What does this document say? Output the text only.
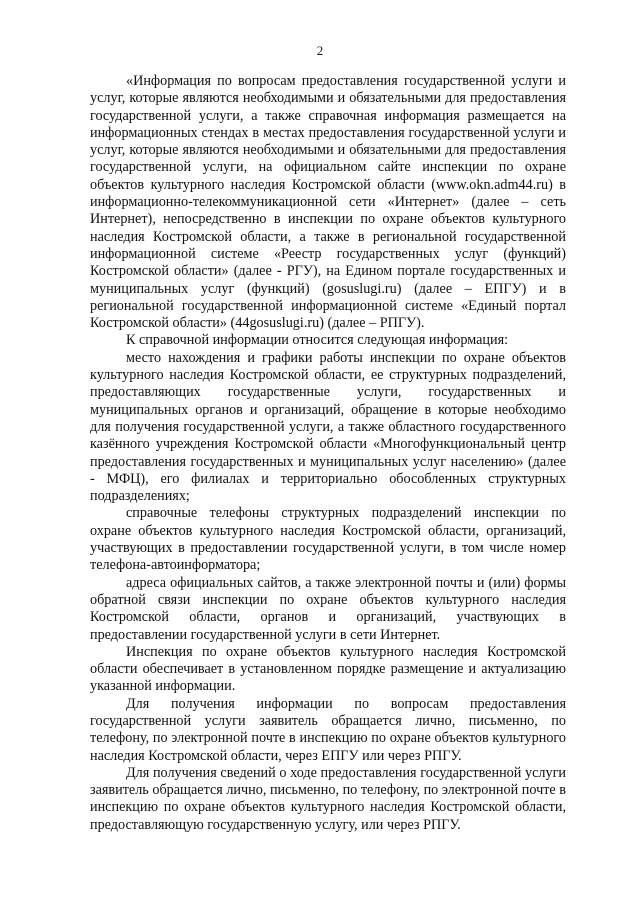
2

«Информация по вопросам предоставления государственной услуги и услуг, которые являются необходимыми и обязательными для предоставления государственной услуги, а также справочная информация размещается на информационных стендах в местах предоставления государственной услуги и услуг, которые являются необходимыми и обязательными для предоставления государственной услуги, на официальном сайте инспекции по охране объектов культурного наследия Костромской области (www.okn.adm44.ru) в информационно-телекоммуникационной сети «Интернет» (далее – сеть Интернет), непосредственно в инспекции по охране объектов культурного наследия Костромской области, а также в региональной государственной информационной системе «Реестр государственных услуг (функций) Костромской области» (далее - РГУ), на Едином портале государственных и муниципальных услуг (функций) (gosuslugi.ru) (далее – ЕПГУ) и в региональной государственной информационной системе «Единый портал Костромской области» (44gosuslugi.ru) (далее – РПГУ).

К справочной информации относится следующая информация:

место нахождения и графики работы инспекции по охране объектов культурного наследия Костромской области, ее структурных подразделений, предоставляющих государственные услуги, государственных и муниципальных органов и организаций, обращение в которые необходимо для получения государственной услуги, а также областного государственного казённого учреждения Костромской области «Многофункциональный центр предоставления государственных и муниципальных услуг населению» (далее - МФЦ), его филиалах и территориально обособленных структурных подразделениях;

справочные телефоны структурных подразделений инспекции по охране объектов культурного наследия Костромской области, организаций, участвующих в предоставлении государственной услуги, в том числе номер телефона-автоинформатора;

адреса официальных сайтов, а также электронной почты и (или) формы обратной связи инспекции по охране объектов культурного наследия Костромской области, органов и организаций, участвующих в предоставлении государственной услуги в сети Интернет.

Инспекция по охране объектов культурного наследия Костромской области обеспечивает в установленном порядке размещение и актуализацию указанной информации.

Для получения информации по вопросам предоставления государственной услуги заявитель обращается лично, письменно, по телефону, по электронной почте в инспекцию по охране объектов культурного наследия Костромской области, через ЕПГУ или через РПГУ.

Для получения сведений о ходе предоставления государственной услуги заявитель обращается лично, письменно, по телефону, по электронной почте в инспекцию по охране объектов культурного наследия Костромской области, предоставляющую государственную услугу, или через РПГУ.
